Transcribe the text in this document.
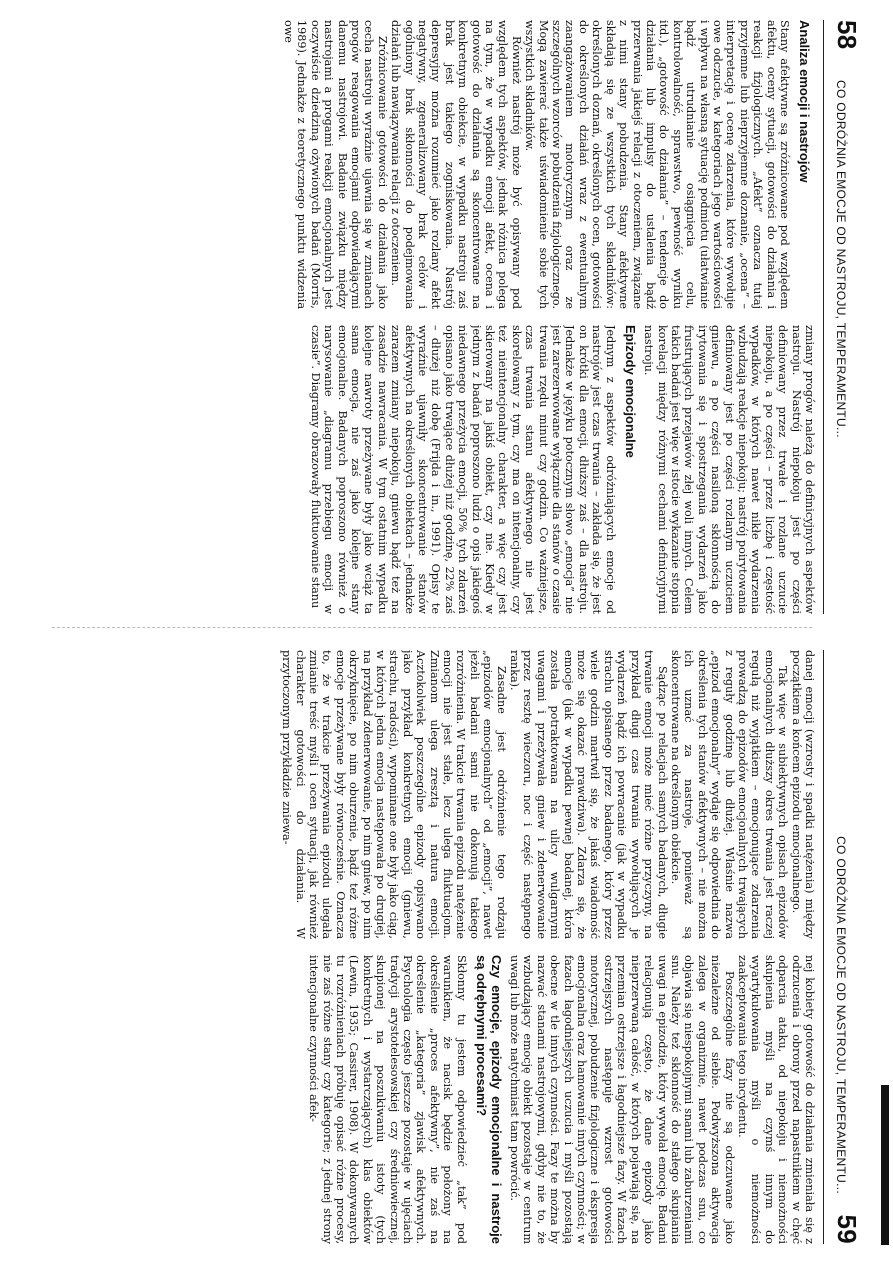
58
CO ODRÓŻNIA EMOCJE OD NASTROJU, TEMPERAMENTU...
Analiza emocji i nastrojów

Stany afektywne są zróżnicowane pod względem afektu, oceny sytuacji, gotowości do działania i reakcji fizjologicznych. „Afekt” oznacza tutaj przyjemne lub nieprzyjemne doznanie, „ocena” – interpretację i ocenę zdarzenia, które wywołuje owe odczucie, w kategoriach jego wartościowości i wpływu na własną sytuację podmiotu (ułatwianie bądź utrudnianie osiągnięcia celu, kontrolowalność, sprawstwo, pewność wyniku itd.), „gotowość do działania” – tendencje do działania lub impulsy do ustalenia bądź przerwania jakiejś relacji z otoczeniem, związane z nimi stany pobudzenia. Stany afektywne składają się ze wszystkich tych składników: określonych doznań, określonych ocen, gotowości do określonych działań wraz z ewentualnym zaangażowaniem motorycznym oraz ze szczególnych wzorców pobudzenia fizjologicznego. Mogą zawierać także uświadomienie sobie tych wszystkich składników.

Również nastrój może być opisywany pod względem tych aspektów, jednak różnica polega na tym, że w wypadku emocji afekt, ocena i gotowość do działania są skoncentrowane na konkretnym obiekcie, w wypadku nastroju zaś brak jest takiego zogniskowania. Nastrój depresyjny można rozumieć jako rozlany afekt negatywny, zgeneralizowany brak celów i ogólniony brak skłonności do podejmowania działań lub nawiązywania relacji z otoczeniem.

Zróżnicowanie gotowości do działania jako cecha nastroju wyraźnie ujawnia się w zmianach progów reagowania emocjami odpowiadającymi danemu nastrojowi. Badanie związku między nastrojami a progami reakcji emocjonalnych jest oczywiście dziedziną ożywionych badań (Morris, 1989). Jednakże z teoretycznego punktu widzenia owe

zmiany progów należą do definicyjnych aspektów nastroju. Nastrój niepokoju jest po części definiowany przez trwałe i rozlane uczucie niepokoju, a po części – przez liczbę i częstość wypadków, w których nawet nikłe wydarzenia wzbudzają reakcje niepokoju; nastrój poirytowania definiowany jest po części rozlanym uczuciem gniewu, a po części nasiloną skłonnością do irytowania się i spostrzegania wydarzeń jako frustrujących przejawów złej woli innych. Celem takich badań jest więc w istocie wykazanie stopnia korelacji między różnymi cechami definicyjnymi nastroju.

Epizody emocjonalne

Jednym z aspektów odróżniających emocje od nastrojów jest czas trwania – zakłada się, że jest on krótki dla emocji, dłuższy zaś – dla nastroju. Jednakże w języku potocznym słowo „emocja” nie jest zarezerwowane wyłącznie dla stanów o czasie trwania rzędu minut czy godzin. Co ważniejsze, czas trwania stanu afektywnego nie jest skorelowany z tym, czy ma on intencjonalny, czy też nieintencjonalny charakter, a więc czy jest skierowany na jakiś obiekt, czy nie. Kiedy w jednym z badań poproszono ludzi o opis jakiegoś niedawnego przeżycia emocji, 50% tych zdarzeń opisano jako trwające dłużej niż godzinę, 22% zaś – dłużej niż dobę (Frijda i in., 1991). Opisy te wyraźnie ujawniły skoncentrowanie stanów afektywnych na określonych obiektach – jednakże zarazem zmiany niepokoju, gniewu bądź też na zasadzie nawracania. W tym ostatnim wypadku kolejne nawroty przeżywane były jako wciąż ta sama emocja, nie zaś jako kolejne stany emocjonalne. Badanych poproszono również o narysowanie „diagramu przebiegu emocji w czasie”. Diagramy obrazowały fluktuowanie stanu

CO ODRÓŻNIA EMOCJE OD NASTROJU, TEMPERAMENTU...
59

danej emocji (wzrosty i spadki natężenia) między początkiem a końcem epizodu emocjonalnego.

Tak więc w subiektywnych opisach epizodów emocjonalnych dłuższy okres trwania jest raczej regułą niż wyjątkiem – emocjonujące zdarzenia prowadzą do epizodów emocjonalnych trwających z reguły godzinę lub dłużej. Właśnie nazwa „epizod emocjonalny” wydaje się odpowiednia do określenia tych stanów afektywnych – nie można ich uznać za nastroje, ponieważ są skoncentrowane na określonym obiekcie.

Sądząc po relacjach samych badanych, długie trwanie emocji może mieć różne przyczyny, na przykład długi czas trwania wywołujących je wydarzeń bądź ich powracanie (jak w wypadku strachu opisanego przez badanego, który przez wiele godzin martwił się, że jakaś wiadomość może się okazać prawdziwa). Zdarza się, że emocje (jak w wypadku pewnej badanej, która została potraktowana na ulicy wulgarnymi uwagami i przeżywała gniew i zdenerwowanie przez resztę wieczoru, noc i część następnego ranka).

Zasadne jest odróżnienie tego rodzaju „epizodów emocjonalnych” od „emocji”, nawet jeżeli badani sami nie dokonują takiego rozróżnienia. W trakcie trwania epizodu natężenie emocji nie jest stałe, lecz ulega fluktuacjom. Zmianom ulega zresztą i natura emocji. Acztokolwiek poszczególne epizody opisywano jako przykład konkretnych emocji (gniewu, strachu, radości), wypominane one były jako ciąg, w których jedna emocja następowała po drugiej, na przykład zdenerwowanie, po nim gniew, po nim okrzyknięcie, po nim oburzenie, bądź też różne emocje przeżywane były równocześnie. Oznacza to, że w trakcie przeżywania epizodu ulegała zmianie treść myśli i ocen sytuacji, jak również charakter gotowości do działania. W przytoczonym przykładzie zniewa-

nej kobiety gotowość do działania zmieniała się z odrzucenia i obrony przed napastnikiem w chęć odparcia ataku, od niepokoju i niemożności skupienia myśli na czymś innym do wyartykułowania myśli o niemożności zaakceptowania tego incydentu.

Poszczególne fazy nie są odczuwane jako niezależne od siebie. Podwyższona aktywacja zalega w organizmie, nawet podczas snu, co objawia się niespokojnymi snami lub zaburzeniami snu. Należy też skłonność do stałego skupiania uwagi na epizodzie, który wywołał emocję. Badani relacjonują często, że dane epizody jako nieprzerwaną całość, w których pojawiają się, na przemian ostrzejsze i łagodniejsze fazy. W fazach ostrzejszych następuje wzrost gotowości motorycznej, pobudzenie fizjologiczne i ekspresja emocjonalna oraz hamowanie innych czynności; w fazach łagodniejszych uczucia i myśli pozostają obecne w tle innych czynności. Fazy te można by nazwać stanami nastrojowymi, gdyby nie to, że wzbudzający emocję obiekt pozostaje w centrum uwagi lub może natychmiast tam powrócić.

Czy emocje, epizody emocjonalne i nastroje są odrębnymi procesami?

Skłonny tu jestem odpowiedzieć „tak” pod warunkiem, że nacisk będzie położony na określenie „proces afektywny”, nie zaś na określenie „kategoria” zjawisk afektywnych. Psychologia często jeszcze pozostaje w ujęciach tradycji arystotelesowskiej czy średniowiecznej, skupionej na poszukiwaniu istoty (tych konkretnych i wystarczających) klas obiektów (Lewin, 1935; Cassirer, 1908). W dokonywanych tu rozróżnieniach próbuję opisać różne procesy, nie zaś różne stany czy kategorie; z jednej strony intencjonalne czynności afek-
